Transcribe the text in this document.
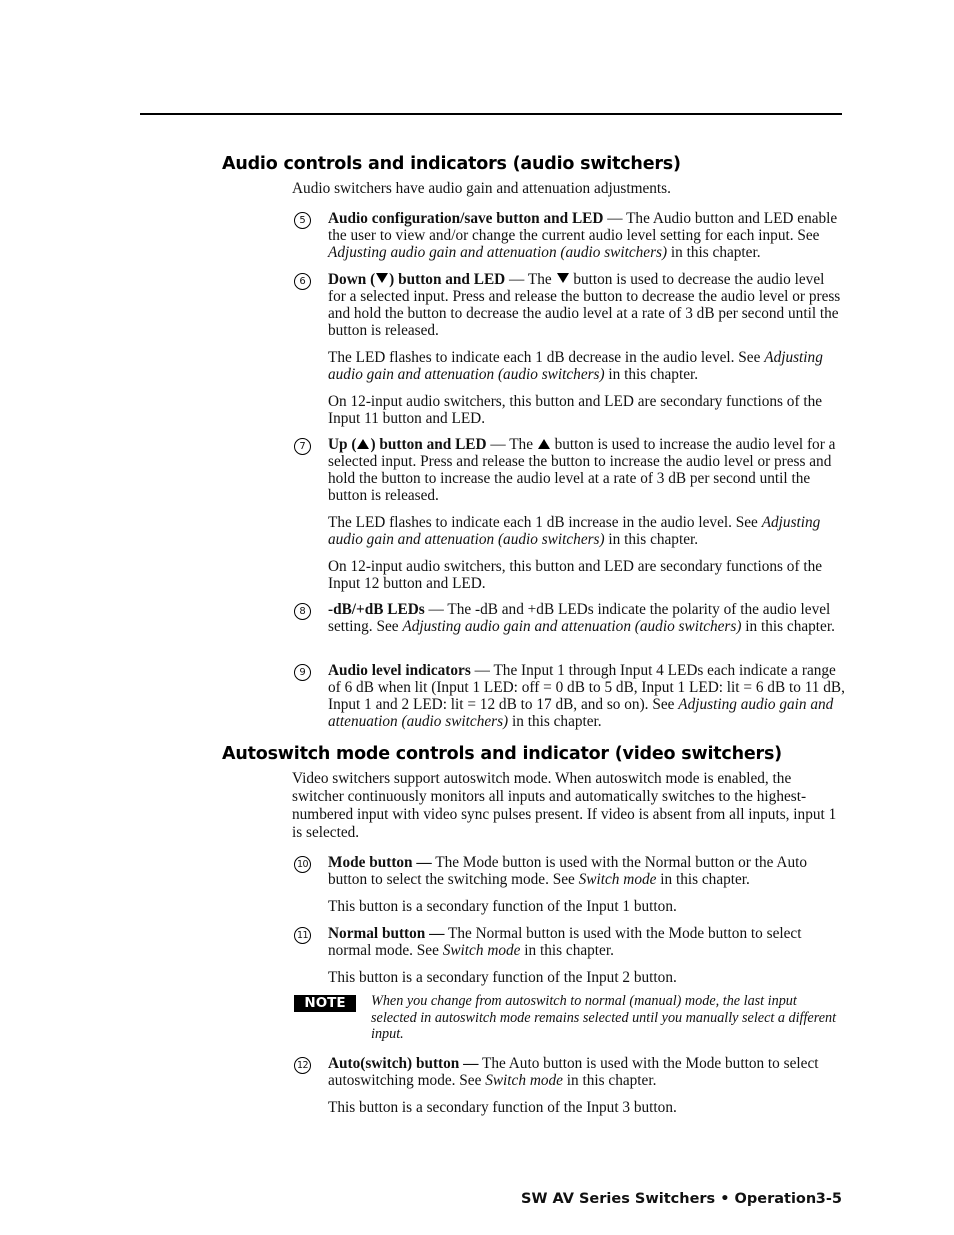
Audio controls and indicators (audio switchers)

Audio switchers have audio gain and attenuation adjustments.

5	Audio configuration/save button and LED — The Audio button and LED enable the user to view and/or change the current audio level setting for each input. See Adjusting audio gain and attenuation (audio switchers) in this chapter.

6	Down ( ) button and LED — The  button is used to decrease the audio level for a selected input. Press and release the button to decrease the audio level or press and hold the button to decrease the audio level at a rate of 3 dB per second until the button is released.

The LED flashes to indicate each 1 dB decrease in the audio level. See Adjusting audio gain and attenuation (audio switchers) in this chapter.

On 12-input audio switchers, this button and LED are secondary functions of the Input 11 button and LED.

7	Up ( ) button and LED — The  button is used to increase the audio level for a selected input. Press and release the button to increase the audio level or press and hold the button to increase the audio level at a rate of 3 dB per second until the button is released.

The LED flashes to indicate each 1 dB increase in the audio level. See Adjusting audio gain and attenuation (audio switchers) in this chapter.

On 12-input audio switchers, this button and LED are secondary functions of the Input 12 button and LED.

8	-dB/+dB LEDs — The -dB and +dB LEDs indicate the polarity of the audio level setting. See Adjusting audio gain and attenuation (audio switchers) in this chapter.

9	Audio level indicators — The Input 1 through Input 4 LEDs each indicate a range of 6 dB when lit (Input 1 LED: off = 0 dB to 5 dB, Input 1 LED: lit = 6 dB to 11 dB, Input 1 and 2 LED: lit = 12 dB to 17 dB, and so on). See Adjusting audio gain and attenuation (audio switchers) in this chapter.

Autoswitch mode controls and indicator (video switchers)

Video switchers support autoswitch mode. When autoswitch mode is enabled, the switcher continuously monitors all inputs and automatically switches to the highest-numbered input with video sync pulses present. If video is absent from all inputs, input 1 is selected.

10 Mode button — The Mode button is used with the Normal button or the Auto button to select the switching mode. See Switch mode in this chapter.

This button is a secondary function of the Input 1 button.

11 Normal button — The Normal button is used with the Mode button to select normal mode. See Switch mode in this chapter.

This button is a secondary function of the Input 2 button.

NOTE	When you change from autoswitch to normal (manual) mode, the last input selected in autoswitch mode remains selected until you manually select a different input.

12 Auto(switch) button — The Auto button is used with the Mode button to select autoswitching mode. See Switch mode in this chapter.

This button is a secondary function of the Input 3 button.

SW AV Series Switchers • Operation 3-5
